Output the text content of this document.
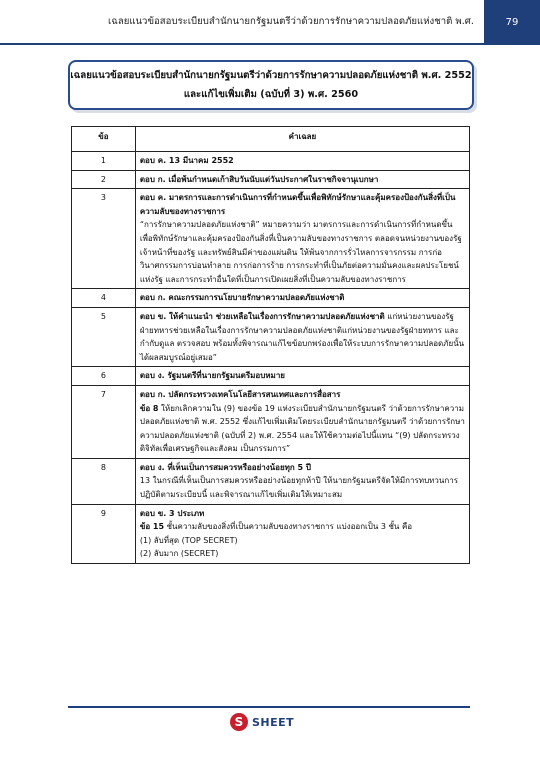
เฉลยแนวข้อสอบระเบียบสำนักนายกรัฐมนตรีว่าด้วยการรักษาความปลอดภัยแห่งชาติ พ.ศ.	79
เฉลยแนวข้อสอบระเบียบสำนักนายกรัฐมนตรีว่าด้วยการรักษาความปลอดภัยแห่งชาติ พ.ศ. 2552
และแก้ไขเพิ่มเติม (ฉบับที่ 3) พ.ศ. 2560
ข้อ	คำเฉลย
1	ตอบ ค. 13 มีนาคม 2552
2	ตอบ ก. เมื่อพ้นกำหนดเก้าสิบวันนับแต่วันประกาศในราชกิจจานุเบกษา
3	ตอบ ค. มาตรการและการดำเนินการที่กำหนดขึ้นเพื่อพิทักษ์รักษาและคุ้มครองป้องกันสิ่งที่เป็นความลับของทางราชการ
“การรักษาความปลอดภัยแห่งชาติ” หมายความว่า มาตรการและการดำเนินการที่กำหนดขึ้นเพื่อพิทักษ์รักษาและคุ้มครองป้องกันสิ่งที่เป็นความลับของทางราชการ ตลอดจนหน่วยงานของรัฐ เจ้าหน้าที่ของรัฐ และทรัพย์สินมีค่าของแผ่นดิน ให้พ้นจากการรั่วไหลการจารกรรม การก่อวินาศกรรมการบ่อนทำลาย การก่อการร้าย การกระทำที่เป็นภัยต่อความมั่นคงและผลประโยชน์แห่งรัฐ และการกระทำอื่นใดที่เป็นการเปิดเผยสิ่งที่เป็นความลับของทางราชการ

4	ตอบ ก. คณะกรรมการนโยบายรักษาความปลอดภัยแห่งชาติ
5	ตอบ ข. ให้คำแนะนำ ช่วยเหลือในเรื่องการรักษาความปลอดภัยแห่งชาติ แก่หน่วยงานของรัฐฝ่ายทหารช่วยเหลือในเรื่องการรักษาความปลอดภัยแห่งชาติแก่หน่วยงานของรัฐฝ่ายทหาร และกำกับดูแล ตรวจสอบ พร้อมทั้งพิจารณาแก้ไขข้อบกพร่องเพื่อให้ระบบการรักษาความปลอดภัยนั้นได้ผลสมบูรณ์อยู่เสมอ”
6	ตอบ ง. รัฐมนตรีที่นายกรัฐมนตรีมอบหมาย
7	ตอบ ก. ปลัดกระทรวงเทคโนโลยีสารสนเทศและการสื่อสาร
ข้อ 8 ให้ยกเลิกความใน (9) ของข้อ 19 แห่งระเบียบสำนักนายกรัฐมนตรี ว่าด้วยการรักษาความปลอดภัยแห่งชาติ พ.ศ. 2552 ซึ่งแก้ไขเพิ่มเติมโดยระเบียบสำนักนายกรัฐมนตรี ว่าด้วยการรักษาความปลอดภัยแห่งชาติ (ฉบับที่ 2) พ.ศ. 2554 และให้ใช้ความต่อไปนี้แทน “(9) ปลัดกระทรวงดิจิทัลเพื่อเศรษฐกิจและสังคม เป็นกรรมการ”
8	ตอบ ง. ที่เห็นเป็นการสมควรหรืออย่างน้อยทุก 5 ปี
13 ในกรณีที่เห็นเป็นการสมควรหรืออย่างน้อยทุกห้าปี ให้นายกรัฐมนตรีจัดให้มีการทบทวนการปฏิบัติตามระเบียบนี้ และพิจารณาแก้ไขเพิ่มเติมให้เหมาะสม

9	ตอบ ข. 3 ประเภท
ข้อ 15 ชั้นความลับของสิ่งที่เป็นความลับของทางราชการ แบ่งออกเป็น 3 ชั้น คือ
(1) ลับที่สุด (TOP SECRET)
(2) ลับมาก (SECRET)
S SHEET
